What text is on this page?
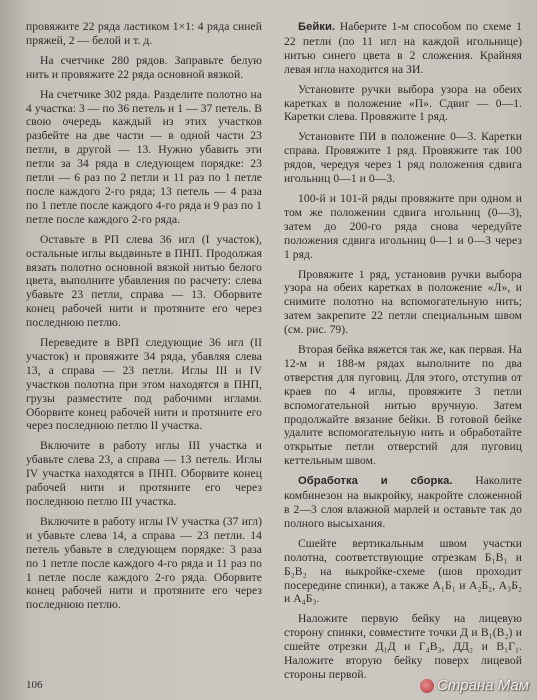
провяжите 22 ряда ластиком 1×1: 4 ряда синей пряжей, 2 — белой и т. д.

На счетчике 280 рядов. Заправьте белую нить и провяжите 22 ряда основной вязкой.

На счетчике 302 ряда. Разделите полотно на 4 участка: 3 — по 36 петель и 1 — 37 петель. В свою очередь каждый из этих участков разбейте на две части — в одной части 23 петли, в другой — 13. Нужно убавить эти петли за 34 ряда в следующем порядке: 23 петли — 6 раз по 2 петли и 11 раз по 1 петле после каждого 2-го ряда; 13 петель — 4 раза по 1 петле после каждого 4-го ряда и 9 раз по 1 петле после каждого 2-го ряда.

Оставьте в РП слева 36 игл (I участок), остальные иглы выдвиньте в ПНП. Продолжая вязать полотно основной вязкой нитью белого цвета, выполните убавления по расчету: слева убавьте 23 петли, справа — 13. Оборвите конец рабочей нити и протяните его через последнюю петлю.

Переведите в ВРП следующие 36 игл (II участок) и провяжите 34 ряда, убавляя слева 13, а справа — 23 петли. Иглы III и IV участков полотна при этом находятся в ПНП, грузы разместите под рабочими иглами. Оборвите конец рабочей нити и протяните его через последнюю петлю II участка.

Включите в работу иглы III участка и убавьте слева 23, а справа — 13 петель. Иглы IV участка находятся в ПНП. Оборвите конец рабочей нити и протяните его через последнюю петлю III участка.

Включите в работу иглы IV участка (37 игл) и убавьте слева 14, а справа — 23 петли. 14 петель убавьте в следующем порядке: 3 раза по 1 петле после каждого 4-го ряда и 11 раз по 1 петле после каждого 2-го ряда. Оборвите конец рабочей нити и протяните его через последнюю петлю.

Бейки. Наберите 1-м способом по схеме 1 22 петли (по 11 игл на каждой игольнице) нитью синего цвета в 2 сложения. Крайняя левая игла находится на ЗИ.

Установите ручки выбора узора на обеих каретках в положение «П». Сдвиг — 0—1. Каретки слева. Провяжите 1 ряд.

Установите ПИ в положение 0—3. Каретки справа. Провяжите 1 ряд. Провяжите так 100 рядов, чередуя через 1 ряд положения сдвига игольниц 0—1 и 0—3.

100-й и 101-й ряды провяжите при одном и том же положении сдвига игольниц (0—3), затем до 200-го ряда снова чередуйте положения сдвига игольниц 0—1 и 0—3 через 1 ряд.

Провяжите 1 ряд, установив ручки выбора узора на обеих каретках в положение «Л», и снимите полотно на вспомогательную нить; затем закрепите 22 петли специальным швом (см. рис. 79).

Вторая бейка вяжется так же, как первая. На 12-м и 188-м рядах выполните по два отверстия для пуговиц. Для этого, отступив от краев по 4 иглы, провяжите 3 петли вспомогательной нитью вручную. Затем продолжайте вязание бейки. В готовой бейке удалите вспомогательную нить и обработайте открытые петли отверстий для пуговиц кеттельным швом.

Обработка и сборка. Наколите комбинезон на выкройку, накройте сложенной в 2—3 слоя влажной марлей и оставьте так до полного высыхания.

Сшейте вертикальным швом участки полотна, соответствующие отрезкам Б₁В₁ и Б₂В₂ на выкройке-схеме (шов проходит посередине спинки), а также А₁Б₁ и А₂Б₂, А₃Б₂ и А₄Б₃.

Наложите первую бейку на лицевую сторону спинки, совместите точки Д и В₁(В₂) и сшейте отрезки Д₁Д и Г₄В₃, ДД₂ и В₁Г₁. Наложите вторую бейку поверх лицевой стороны первой.

106	Страна Мам
